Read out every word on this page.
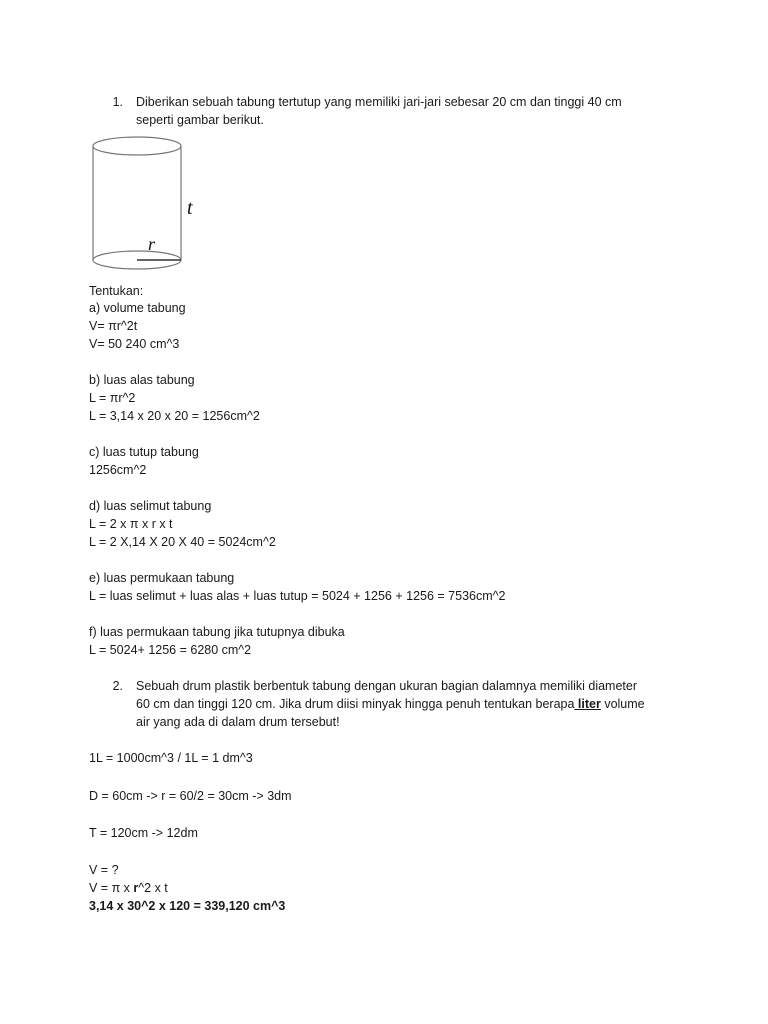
1. Diberikan sebuah tabung tertutup yang memiliki jari-jari sebesar 20 cm dan tinggi 40 cm
seperti gambar berikut.
t
r
Tentukan:
a) volume tabung
V= πr^2t
V= 50 240 cm^3
b) luas alas tabung
L = πr^2
L = 3,14 x 20 x 20 = 1256cm^2
c) luas tutup tabung
1256cm^2
d) luas selimut tabung
L = 2 x π x r x t
L = 2 X,14 X 20 X 40 = 5024cm^2
e) luas permukaan tabung
L = luas selimut + luas alas + luas tutup = 5024 + 1256 + 1256 = 7536cm^2
f) luas permukaan tabung jika tutupnya dibuka
L = 5024+ 1256 = 6280 cm^2
2. Sebuah drum plastik berbentuk tabung dengan ukuran bagian dalamnya memiliki diameter
60 cm dan tinggi 120 cm. Jika drum diisi minyak hingga penuh tentukan berapa liter volume
air yang ada di dalam drum tersebut!
1L = 1000cm^3 / 1L = 1 dm^3
D = 60cm -> r = 60/2 = 30cm -> 3dm
T = 120cm -> 12dm
V = ?
V = π x r^2 x t
3,14 x 30^2 x 120 = 339,120 cm^3
